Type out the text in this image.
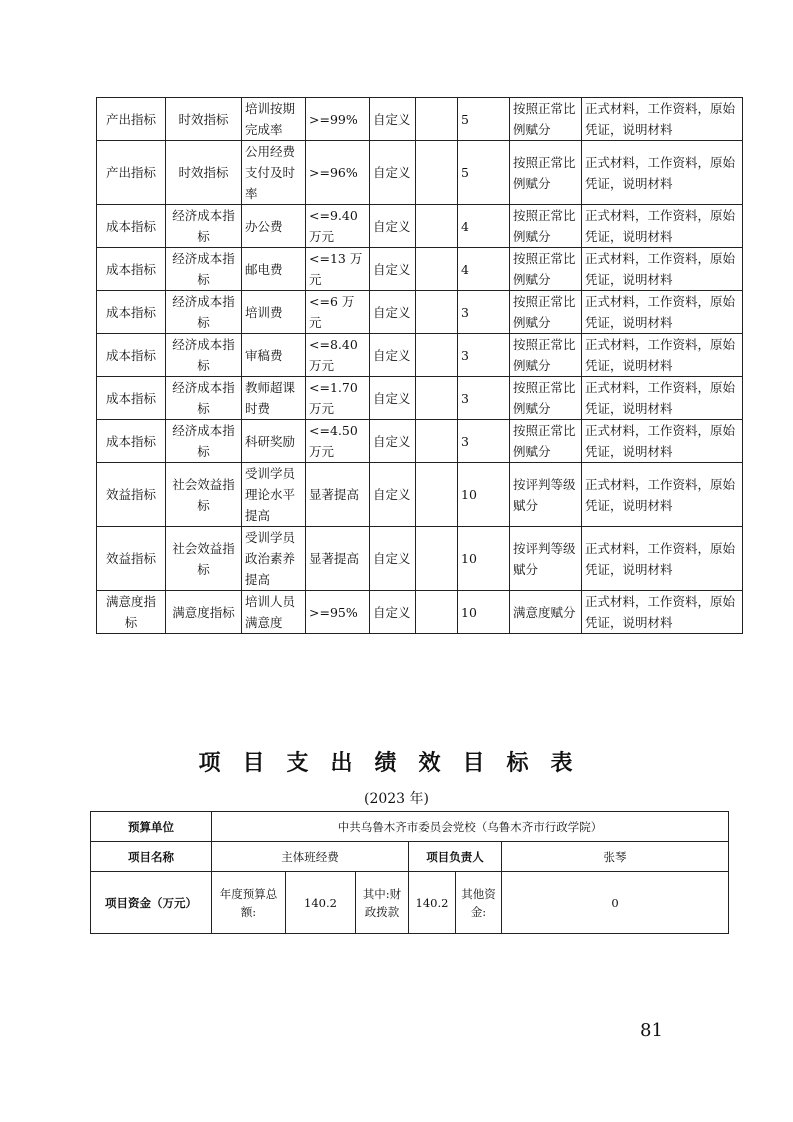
产出指标	时效指标	培训按期完成率	>=99%	自定义		5	按照正常比例赋分	正式材料，工作资料，原始凭证，说明材料
产出指标	时效指标	公用经费支付及时率	>=96%	自定义		5	按照正常比例赋分	正式材料，工作资料，原始凭证，说明材料
成本指标	经济成本指标	办公费	<=9.40万元	自定义		4	按照正常比例赋分	正式材料，工作资料，原始凭证，说明材料
成本指标	经济成本指标	邮电费	<=13 万元	自定义		4	按照正常比例赋分	正式材料，工作资料，原始凭证，说明材料
成本指标	经济成本指标	培训费	<=6 万元	自定义		3	按照正常比例赋分	正式材料，工作资料，原始凭证，说明材料
成本指标	经济成本指标	审稿费	<=8.40万元	自定义		3	按照正常比例赋分	正式材料，工作资料，原始凭证，说明材料
成本指标	经济成本指标	教师超课时费	<=1.70万元	自定义		3	按照正常比例赋分	正式材料，工作资料，原始凭证，说明材料
成本指标	经济成本指标	科研奖励	<=4.50万元	自定义		3	按照正常比例赋分	正式材料，工作资料，原始凭证，说明材料
效益指标	社会效益指标	受训学员理论水平提高	显著提高	自定义		10	按评判等级赋分	正式材料，工作资料，原始凭证，说明材料
效益指标	社会效益指标	受训学员政治素养提高	显著提高	自定义		10	按评判等级赋分	正式材料，工作资料，原始凭证，说明材料
满意度指标	满意度指标	培训人员满意度	>=95%	自定义		10	满意度赋分	正式材料，工作资料，原始凭证，说明材料
项目支出绩效目标表
(2023 年)
预算单位	中共乌鲁木齐市委员会党校（乌鲁木齐市行政学院）					
项目名称	主体班经费			项目负责人		张琴
项目资金（万元）	年度预算总额:	140.2	其中:财政拨款	140.2	其他资金:	0
81
